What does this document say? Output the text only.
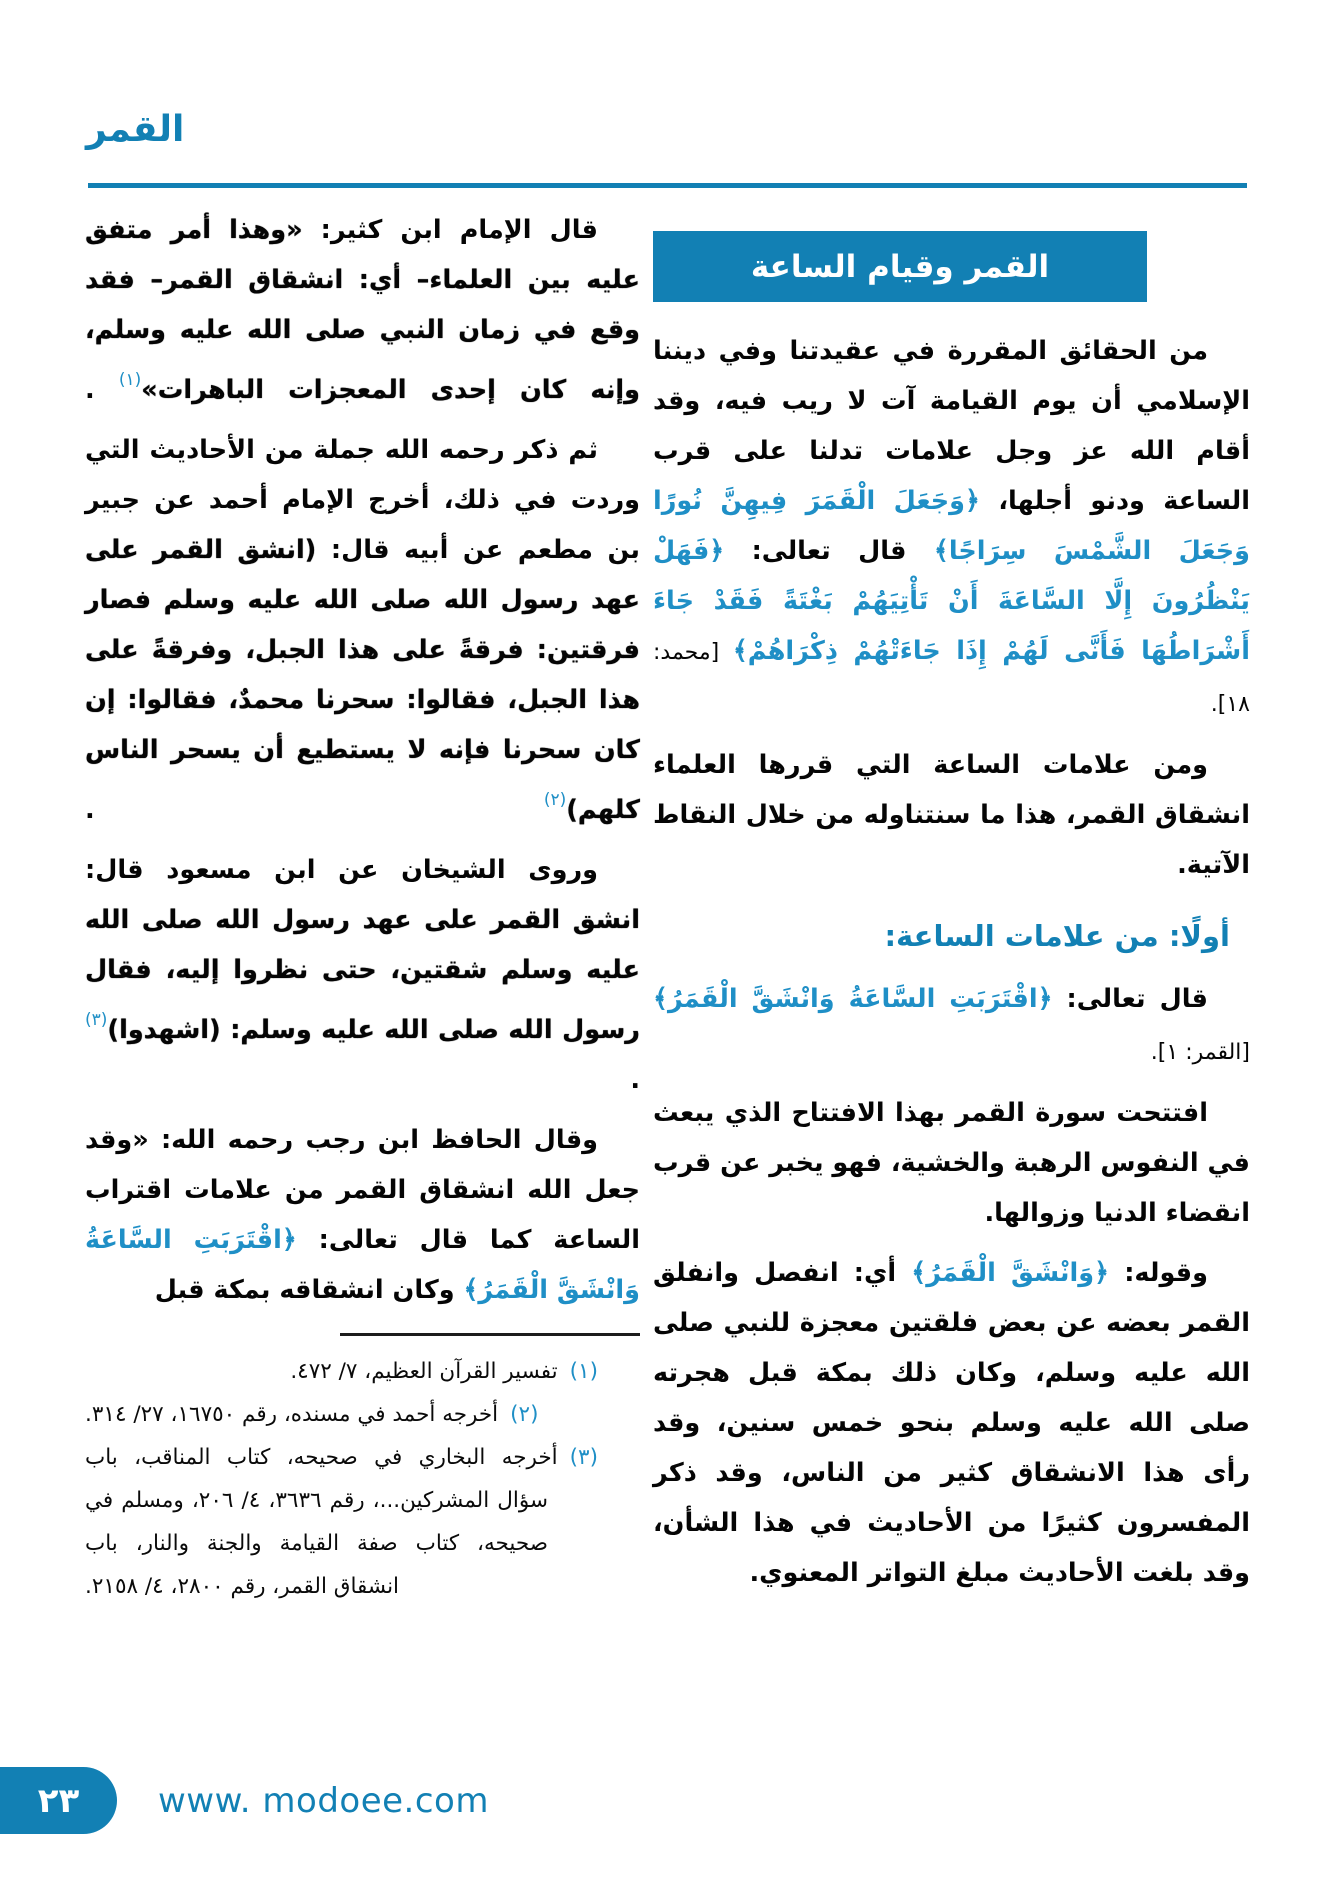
القمر
القمر وقيام الساعة
من الحقائق المقررة في عقيدتنا وفي ديننا الإسلامي أن يوم القيامة آت لا ريب فيه، وقد أقام الله عز وجل علامات تدلنا على قرب الساعة ودنو أجلها، ﴿وَجَعَلَ الْقَمَرَ فِيهِنَّ نُورًا وَجَعَلَ الشَّمْسَ سِرَاجًا﴾ قال تعالى: ﴿فَهَلْ يَنْظُرُونَ إِلَّا السَّاعَةَ أَنْ تَأْتِيَهُمْ بَغْتَةً فَقَدْ جَاءَ أَشْرَاطُهَا فَأَنَّى لَهُمْ إِذَا جَاءَتْهُمْ ذِكْرَاهُمْ﴾ [محمد: ١٨].
ومن علامات الساعة التي قررها العلماء انشقاق القمر، هذا ما سنتناوله من خلال النقاط الآتية.
أولًا: من علامات الساعة:
قال تعالى: ﴿اقْتَرَبَتِ السَّاعَةُ وَانْشَقَّ الْقَمَرُ﴾ [القمر: ١].
افتتحت سورة القمر بهذا الافتتاح الذي يبعث في النفوس الرهبة والخشية، فهو يخبر عن قرب انقضاء الدنيا وزوالها.
وقوله: ﴿وَانْشَقَّ الْقَمَرُ﴾ أي: انفصل وانفلق القمر بعضه عن بعض فلقتين معجزة للنبي صلى الله عليه وسلم، وكان ذلك بمكة قبل هجرته صلى الله عليه وسلم بنحو خمس سنين، وقد رأى هذا الانشقاق كثير من الناس، وقد ذكر المفسرون كثيرًا من الأحاديث في هذا الشأن، وقد بلغت الأحاديث مبلغ التواتر المعنوي.
قال الإمام ابن كثير: «وهذا أمر متفق عليه بين العلماء– أي: انشقاق القمر– فقد وقع في زمان النبي صلى الله عليه وسلم، وإنه كان إحدى المعجزات الباهرات»$^{(١)}$ .
ثم ذكر رحمه الله جملة من الأحاديث التي وردت في ذلك، أخرج الإمام أحمد عن جبير بن مطعم عن أبيه قال: (انشق القمر على عهد رسول الله صلى الله عليه وسلم فصار فرقتين: فرقةً على هذا الجبل، وفرقةً على هذا الجبل، فقالوا: سحرنا محمدٌ، فقالوا: إن كان سحرنا فإنه لا يستطيع أن يسحر الناس كلهم)$^{(٢)}$ .
وروى الشيخان عن ابن مسعود قال: انشق القمر على عهد رسول الله صلى الله عليه وسلم شقتين، حتى نظروا إليه، فقال رسول الله صلى الله عليه وسلم: (اشهدوا)$^{(٣)}$ .
وقال الحافظ ابن رجب رحمه الله: «وقد جعل الله انشقاق القمر من علامات اقتراب الساعة كما قال تعالى: ﴿اقْتَرَبَتِ السَّاعَةُ وَانْشَقَّ الْقَمَرُ﴾ وكان انشقاقه بمكة قبل
(١)تفسير القرآن العظيم، ٧/ ٤٧٢.
(٢)أخرجه أحمد في مسنده، رقم ١٦٧٥٠، ٢٧/ ٣١٤.
(٣)أخرجه البخاري في صحيحه، كتاب المناقب، باب سؤال المشركين...، رقم ٣٦٣٦، ٤/ ٢٠٦، ومسلم في صحيحه، كتاب صفة القيامة والجنة والنار، باب انشقاق القمر، رقم ٢٨٠٠، ٤/ ٢١٥٨.
٢٣ www. modoee.com
